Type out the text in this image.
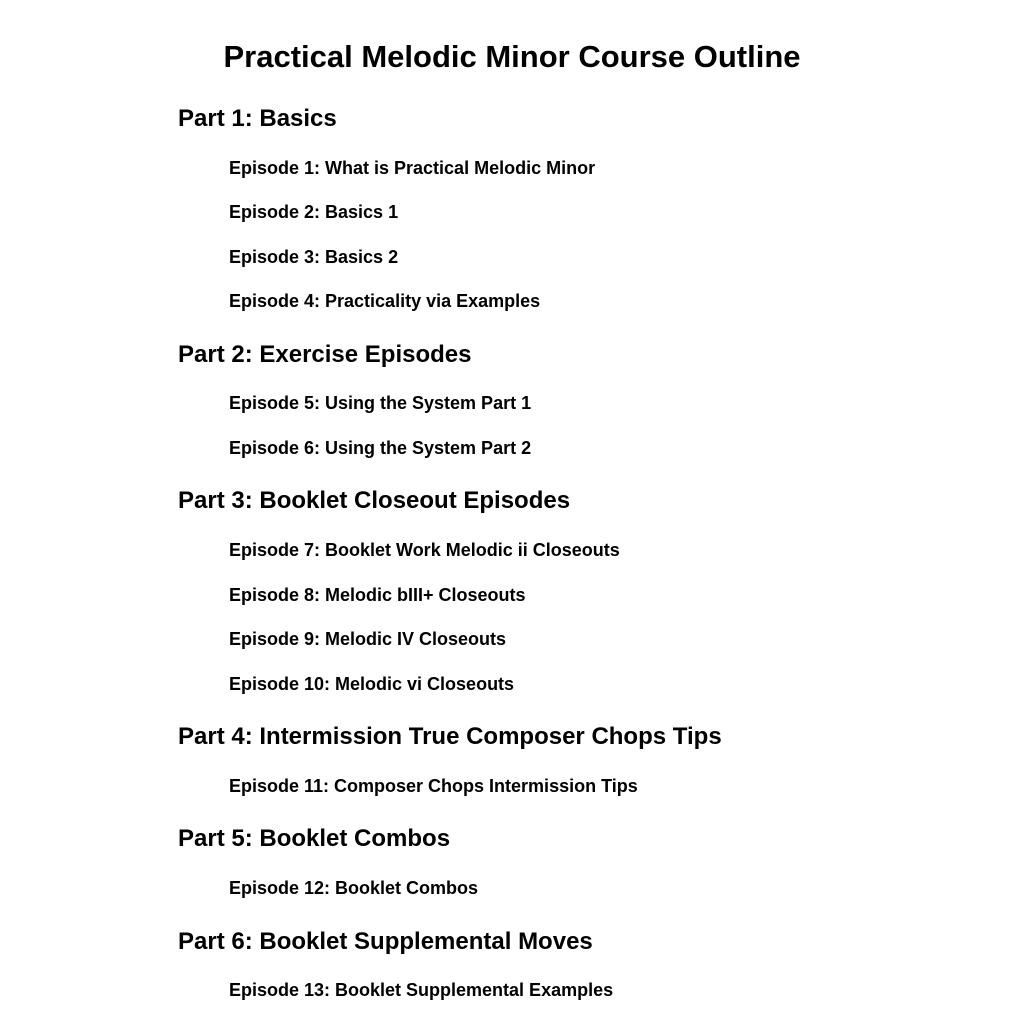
Practical Melodic Minor Course Outline
Part 1: Basics
Episode 1: What is Practical Melodic Minor
Episode 2: Basics 1
Episode 3: Basics 2
Episode 4: Practicality via Examples
Part 2: Exercise Episodes
Episode 5: Using the System Part 1
Episode 6: Using the System Part 2
Part 3: Booklet Closeout Episodes
Episode 7: Booklet Work Melodic ii Closeouts
Episode 8: Melodic bIII+ Closeouts
Episode 9: Melodic IV Closeouts
Episode 10: Melodic vi Closeouts
Part 4: Intermission True Composer Chops Tips
Episode 11: Composer Chops Intermission Tips
Part 5: Booklet Combos
Episode 12: Booklet Combos
Part 6: Booklet Supplemental Moves
Episode 13: Booklet Supplemental Examples
